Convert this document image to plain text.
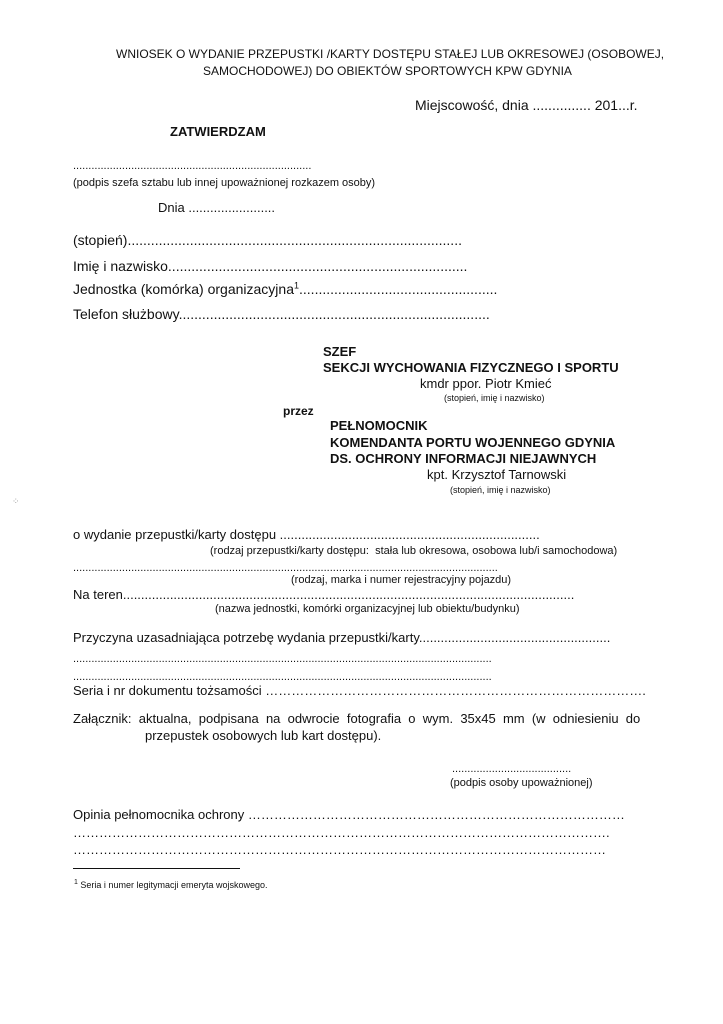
WNIOSEK O WYDANIE PRZEPUSTKI /KARTY DOSTĘPU STAŁEJ LUB OKRESOWEJ (OSOBOWEJ,
SAMOCHODOWEJ) DO OBIEKTÓW SPORTOWYCH KPW GDYNIA
Miejscowość, dnia ............... 201...r.
ZATWIERDZAM
..............................................................................
(podpis szefa sztabu lub innej upoważnionej rozkazem osoby)
Dnia ........................
(stopień)......................................................................................
Imię i nazwisko.............................................................................
Jednostka (komórka) organizacyjna$^1$...................................................
Telefon służbowy................................................................................
SZEF
SEKCJI WYCHOWANIA FIZYCZNEGO I SPORTU
kmdr ppor. Piotr Kmieć
(stopień, imię i nazwisko)
przez
PEŁNOMOCNIK
KOMENDANTA PORTU WOJENNEGO GDYNIA
DS. OCHRONY INFORMACJI NIEJAWNYCH
kpt. Krzysztof Tarnowski
(stopień, imię i nazwisko)
o wydanie przepustki/karty dostępu ........................................................................
(rodzaj przepustki/karty dostępu:  stała lub okresowa, osobowa lub/i samochodowa)
...........................................................................................................................................
(rodzaj, marka i numer rejestracyjny pojazdu)
Na teren.............................................................................................................................
(nazwa jednostki, komórki organizacyjnej lub obiektu/budynku)
Przyczyna uzasadniająca potrzebę wydania przepustki/karty.....................................................
.........................................................................................................................................
.........................................................................................................................................
Seria i nr dokumentu tożsamości …………………………………………………………………………….
Załącznik:  aktualna,  podpisana  na  odwrocie  fotografia  o  wym.  35x45  mm  (w  odniesieniu  do
przepustek osobowych lub kart dostępu).
.......................................
(podpis osoby upoważnionej)
Opinia pełnomocnika ochrony ……………………………………………………………………………
…………………………………………………………………………………………………………….
……………………………………………………………………………………………………………
$^1$ Seria i numer legitymacji emeryta wojskowego.
⁘
